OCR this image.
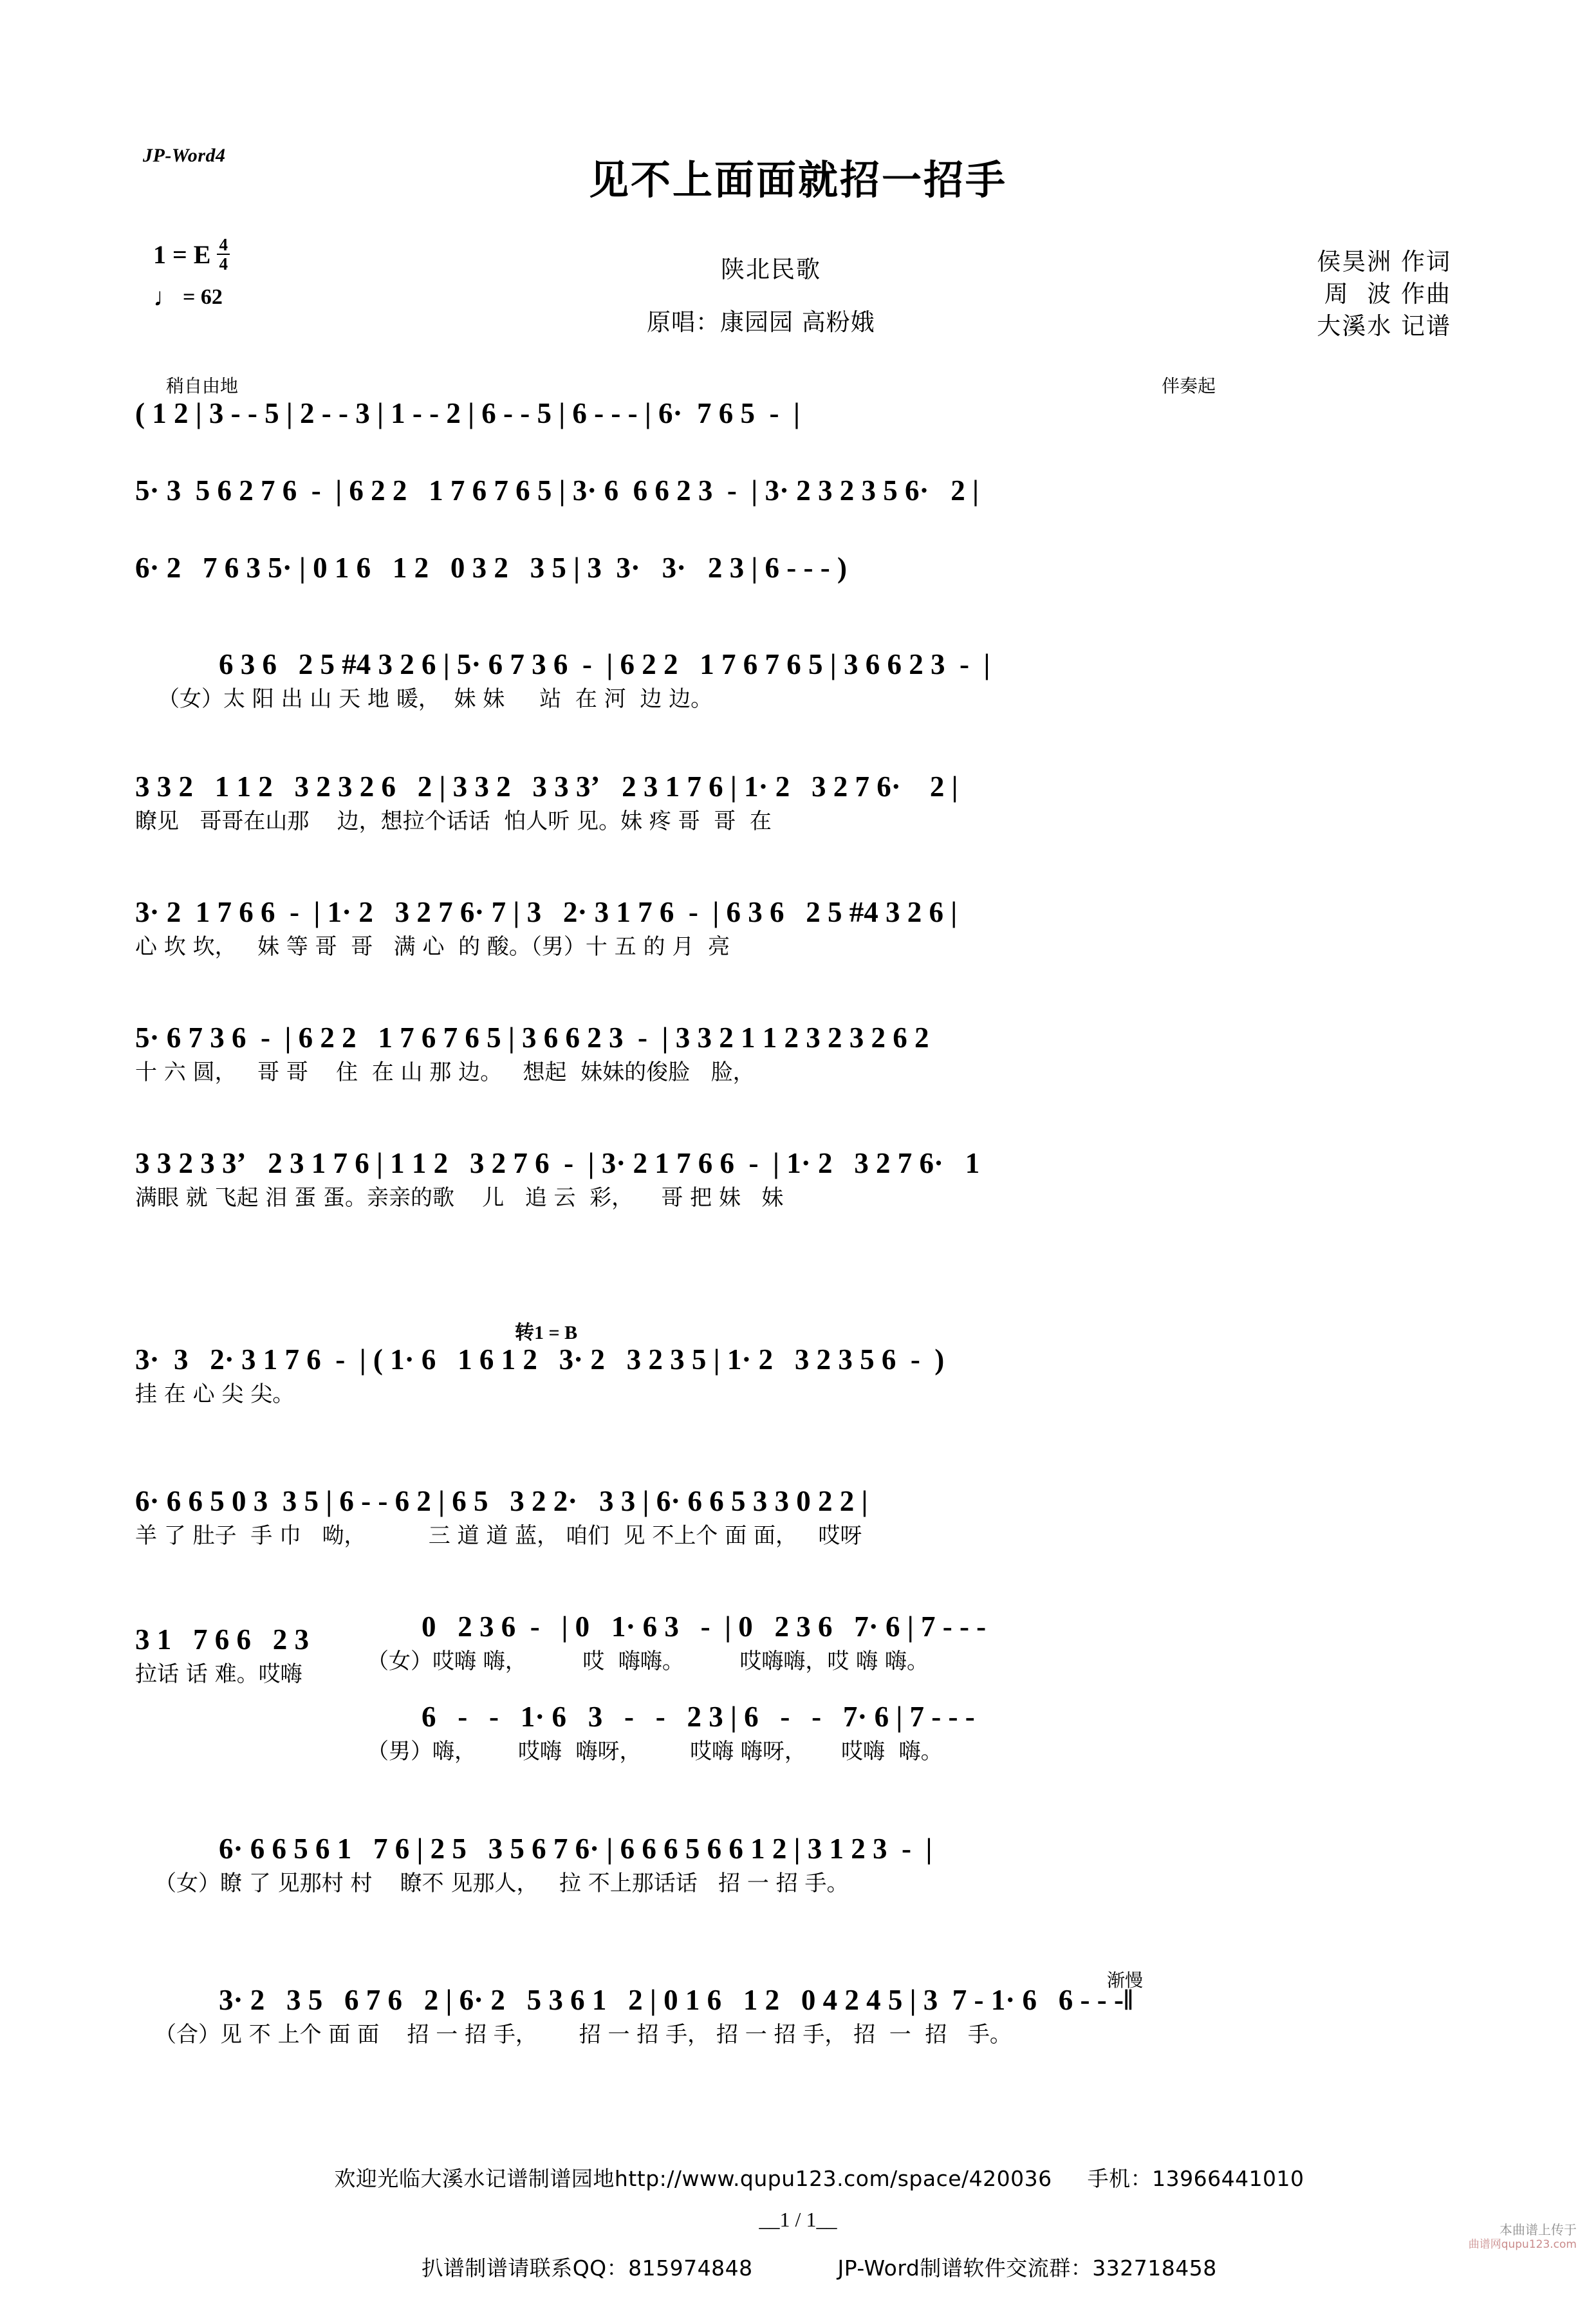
JP-Word4
见不上面面就招一招手
1 = E $\frac{4}{4}$
♩ = 62
陕北民歌
原唱：康园园 高粉娥
侯昊洲 作词
周  波 作曲
大溪水 记谱
稍自由地	伴奏起
( 1 2 | 3 - - 5 | 2 - - 3 | 1 - - 2 | 6 - - 5 | 6 - - - | 6·  7 6 5  -  |
5· 3  5 6 2 7 6  -  | 6 2 2   1 7 6 7 6 5 | 3· 6  6 6 2 3  -  | 3· 2 3 2 3 5 6·   2 |
6· 2   7 6 3 5· | 0 1 6   1 2   0 3 2   3 5 | 3  3·   3·   2 3 | 6 - - - )
6 3 6   2 5 #4 3 2 6 | 5· 6 7 3 6  -  | 6 2 2   1 7 6 7 6 5 | 3 6 6 2 3  -  |
（女）太 阳 出 山 天 地 暖，  妹 妹     站  在 河  边 边。
3 3 2   1 1 2   3 2 3 2 6   2 | 3 3 2   3 3 3ʼ   2 3 1 7 6 | 1· 2   3 2 7 6·    2 |
瞭见   哥哥在山那    边，想拉个话话  怕人听 见。妹 疼 哥  哥  在
3· 2  1 7 6 6  -  | 1· 2   3 2 7 6· 7 | 3   2· 3 1 7 6  -  | 6 3 6   2 5 #4 3 2 6 |
心 坎 坎，   妹 等 哥  哥   满 心  的 酸。（男）十 五 的 月  亮
5· 6 7 3 6  -  | 6 2 2   1 7 6 7 6 5 | 3 6 6 2 3  -  | 3 3 2 1 1 2 3 2 3 2 6 2
十 六 圆，   哥 哥    住  在 山 那 边。   想起  妹妹的俊脸   脸，
3 3 2 3 3ʼ   2 3 1 7 6 | 1 1 2   3 2 7 6  -  | 3· 2 1 7 6 6  -  | 1· 2   3 2 7 6·   1
满眼 就 飞起 泪 蛋 蛋。亲亲的歌    儿   追 云  彩，    哥 把 妹   妹
转1 = B
3·  3   2· 3 1 7 6  -  | ( 1· 6   1 6 1 2   3· 2   3 2 3 5 | 1· 2   3 2 3 5 6  -  )
挂 在 心 尖 尖。
6· 6 6 5 0 3  3 5 | 6 - - 6 2 | 6 5   3 2 2·   3 3 | 6· 6 6 5 3 3 0 2 2 |
羊 了 肚子  手 巾   呦，         三 道 道 蓝， 咱们  见 不上个 面 面，   哎呀
3 1   7 6 6   2 3
拉话 话 难。哎嗨
0   2 3 6  -   | 0   1· 6 3   -  | 0   2 3 6   7· 6 | 7 - - -
（女）哎嗨 嗨，        哎  嗨嗨。        哎嗨嗨，哎 嗨 嗨。
6   -   -   1· 6   3   -   -   2 3 | 6   -   -   7· 6 | 7 - - -
（男）嗨，      哎嗨  嗨呀，       哎嗨 嗨呀，     哎嗨  嗨。
6· 6 6 5 6 1   7 6 | 2 5   3 5 6 7 6· | 6 6 6 5 6 6 1 2 | 3 1 2 3  -  |
（女）瞭 了 见那村 村    瞭不 见那人，   拉 不上那话话   招 一 招 手。
渐慢
3· 2   3 5   6 7 6   2 | 6· 2   5 3 6 1   2 | 0 1 6   1 2   0 4 2 4 5 | 3  7 - 1· 6   6 - - -‖
（合）见 不 上个 面 面    招 一 招 手，      招 一 招 手， 招 一 招 手， 招  一  招   手。

欢迎光临大溪水记谱制谱园地http://www.qupu123.com/space/420036 手机：13966441010

扒谱制谱请联系QQ：815974848	JP-Word制谱软件交流群：332718458

__1 / 1__	本曲谱上传于
曲谱网qupu123.com
